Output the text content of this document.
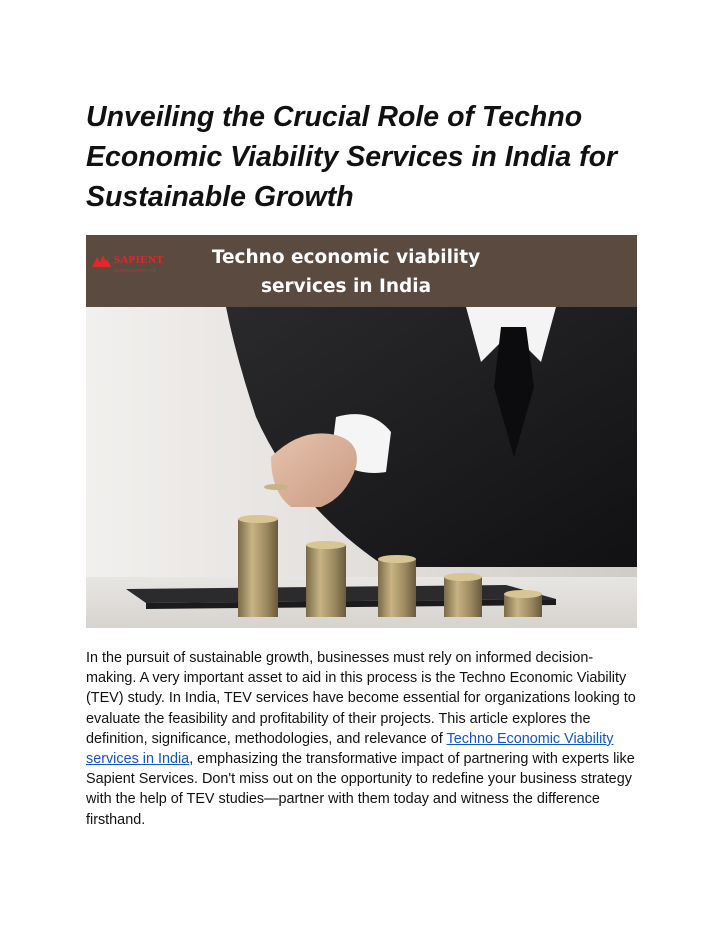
Unveiling the Crucial Role of Techno Economic Viability Services in India for Sustainable Growth
SAPIENT
SERVICES PVT LTD
Techno economic viability
services in India

In the pursuit of sustainable growth, businesses must rely on informed decision-making. A very important asset to aid in this process is the Techno Economic Viability (TEV) study. In India, TEV services have become essential for organizations looking to evaluate the feasibility and profitability of their projects. This article explores the definition, significance, methodologies, and relevance of Techno Economic Viability services in India, emphasizing the transformative impact of partnering with experts like Sapient Services. Don't miss out on the opportunity to redefine your business strategy with the help of TEV studies—partner with them today and witness the difference firsthand.
